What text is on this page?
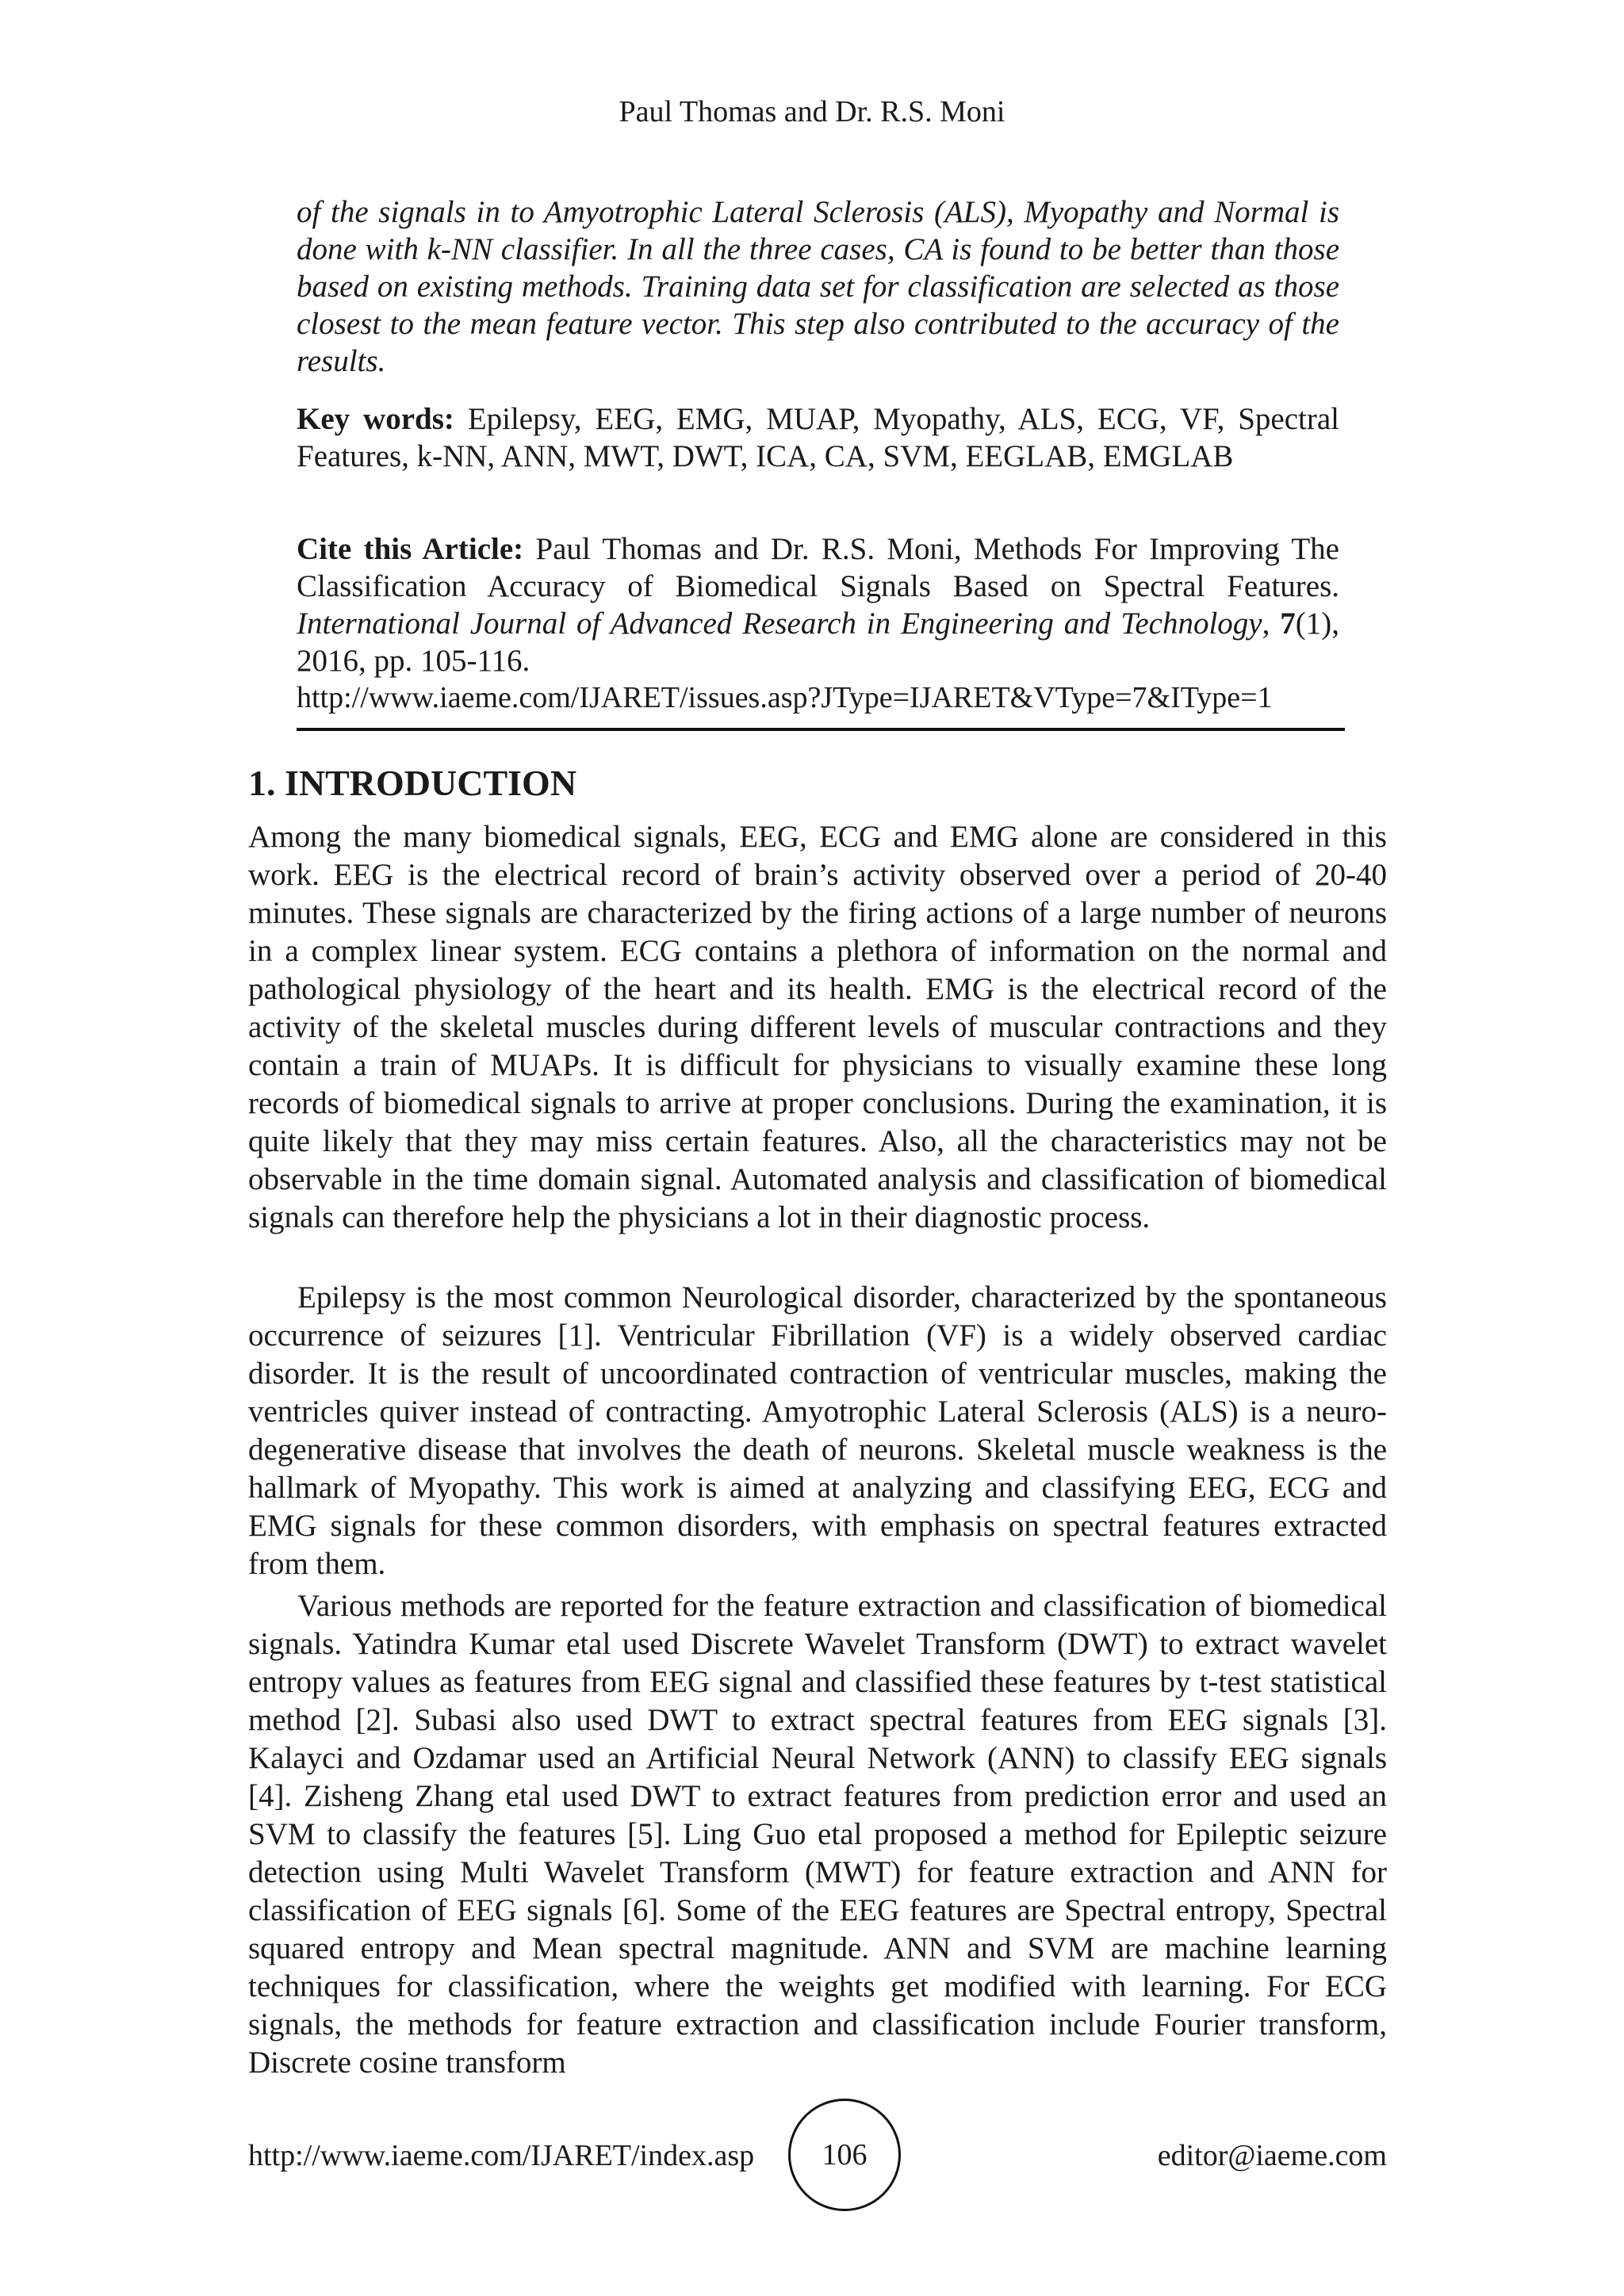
Paul Thomas and Dr. R.S. Moni
of the signals in to Amyotrophic Lateral Sclerosis (ALS), Myopathy and Normal is done with k-NN classifier. In all the three cases, CA is found to be better than those based on existing methods. Training data set for classification are selected as those closest to the mean feature vector. This step also contributed to the accuracy of the results.
Key words: Epilepsy, EEG, EMG, MUAP, Myopathy, ALS, ECG, VF, Spectral Features, k-NN, ANN, MWT, DWT, ICA, CA, SVM, EEGLAB, EMGLAB
Cite this Article: Paul Thomas and Dr. R.S. Moni, Methods For Improving The Classification Accuracy of Biomedical Signals Based on Spectral Features. International Journal of Advanced Research in Engineering and Technology, 7(1), 2016, pp. 105-116.
http://www.iaeme.com/IJARET/issues.asp?JType=IJARET&VType=7&IType=1
1. INTRODUCTION

Among the many biomedical signals, EEG, ECG and EMG alone are considered in this work. EEG is the electrical record of brain’s activity observed over a period of 20-40 minutes. These signals are characterized by the firing actions of a large number of neurons in a complex linear system. ECG contains a plethora of information on the normal and pathological physiology of the heart and its health. EMG is the electrical record of the activity of the skeletal muscles during different levels of muscular contractions and they contain a train of MUAPs. It is difficult for physicians to visually examine these long records of biomedical signals to arrive at proper conclusions. During the examination, it is quite likely that they may miss certain features. Also, all the characteristics may not be observable in the time domain signal. Automated analysis and classification of biomedical signals can therefore help the physicians a lot in their diagnostic process.

Epilepsy is the most common Neurological disorder, characterized by the spontaneous occurrence of seizures [1]. Ventricular Fibrillation (VF) is a widely observed cardiac disorder. It is the result of uncoordinated contraction of ventricular muscles, making the ventricles quiver instead of contracting. Amyotrophic Lateral Sclerosis (ALS) is a neuro-degenerative disease that involves the death of neurons. Skeletal muscle weakness is the hallmark of Myopathy. This work is aimed at analyzing and classifying EEG, ECG and EMG signals for these common disorders, with emphasis on spectral features extracted from them.

Various methods are reported for the feature extraction and classification of biomedical signals. Yatindra Kumar etal used Discrete Wavelet Transform (DWT) to extract wavelet entropy values as features from EEG signal and classified these features by t-test statistical method [2]. Subasi also used DWT to extract spectral features from EEG signals [3]. Kalayci and Ozdamar used an Artificial Neural Network (ANN) to classify EEG signals [4]. Zisheng Zhang etal used DWT to extract features from prediction error and used an SVM to classify the features [5]. Ling Guo etal proposed a method for Epileptic seizure detection using Multi Wavelet Transform (MWT) for feature extraction and ANN for classification of EEG signals [6]. Some of the EEG features are Spectral entropy, Spectral squared entropy and Mean spectral magnitude. ANN and SVM are machine learning techniques for classification, where the weights get modified with learning. For ECG signals, the methods for feature extraction and classification include Fourier transform, Discrete cosine transform

http://www.iaeme.com/IJARET/index.asp	106	editor@iaeme.com
